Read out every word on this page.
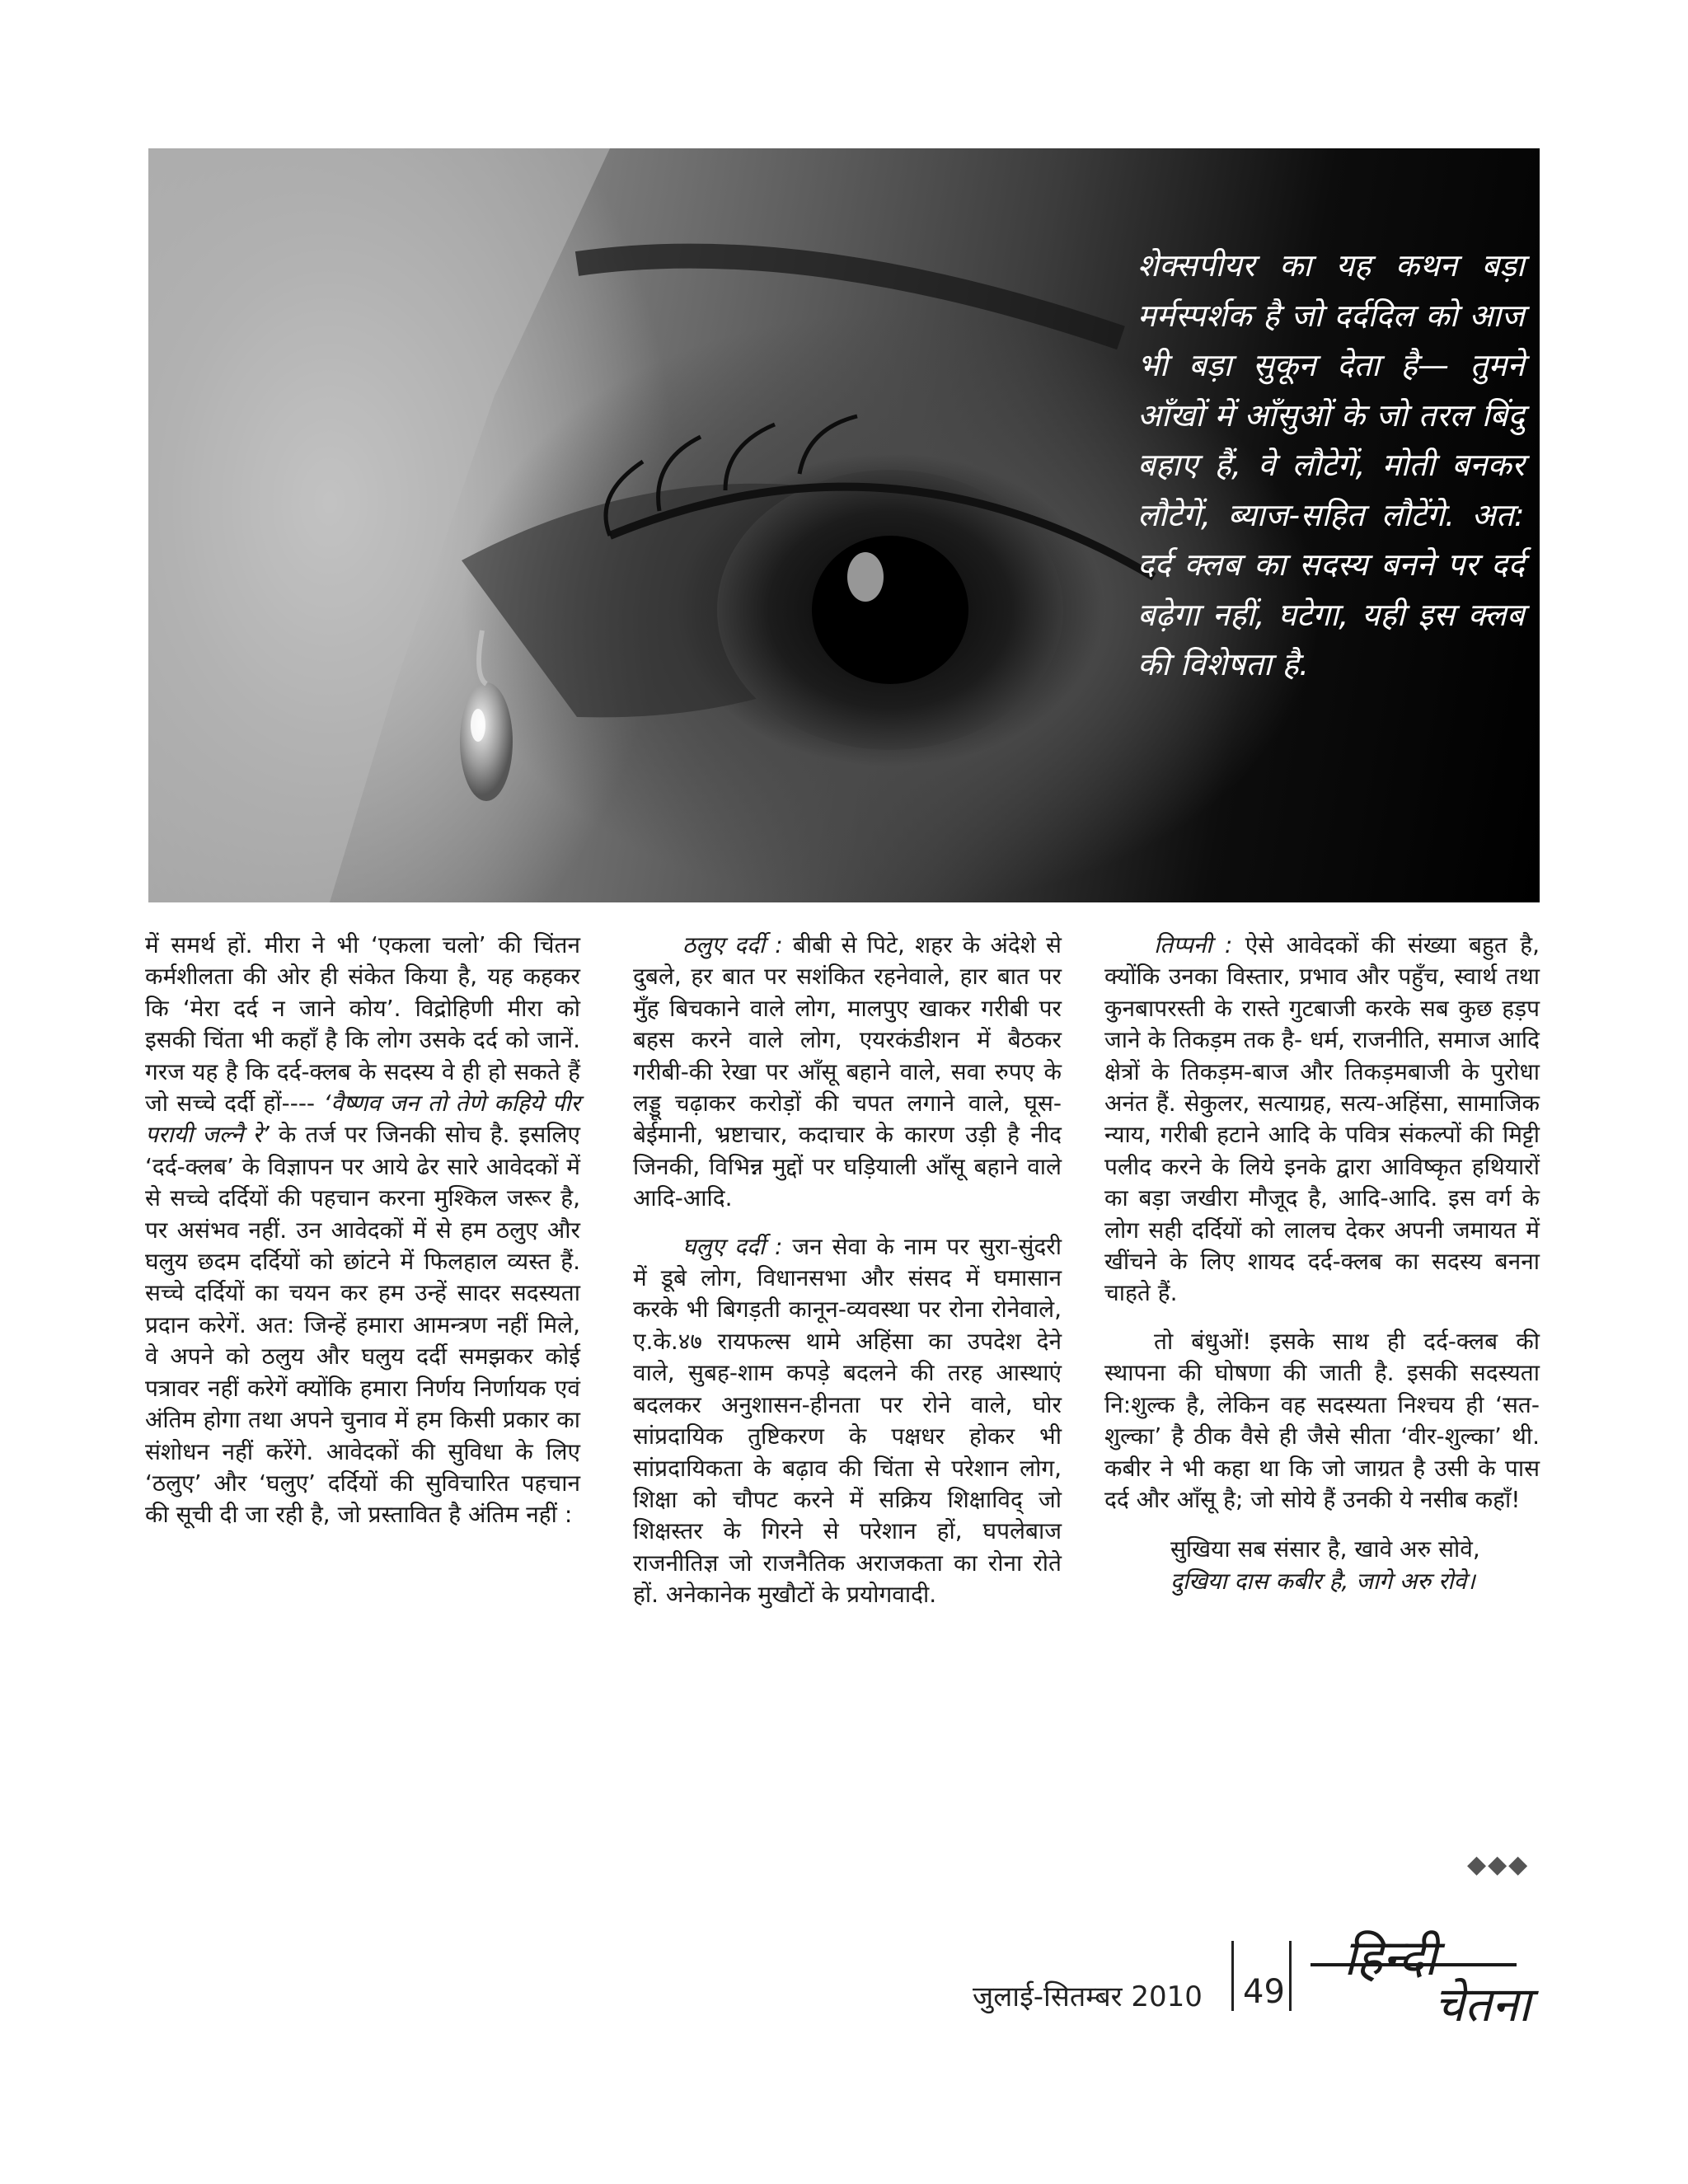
शेक्सपीयर का यह कथन बड़ा मर्मस्पर्शक है जो दर्ददिल को आज भी बड़ा सुकून देता है— तुमने आँखों में आँसुओं के जो तरल बिंदु बहाए हैं, वे लौटेगें, मोती बनकर लौटेगें, ब्याज-सहित लौटेंगे. अत: दर्द क्लब का सदस्य बनने पर दर्द बढ़ेगा नहीं, घटेगा, यही इस क्लब की विशेषता है.

में समर्थ हों. मीरा ने भी ‘एकला चलो’ की चिंतन कर्मशीलता की ओर ही संकेत किया है, यह कहकर कि ‘मेरा दर्द न जाने कोय’. विद्रोहिणी मीरा को इसकी चिंता भी कहाँ है कि लोग उसके दर्द को जानें. गरज यह है कि दर्द-क्लब के सदस्य वे ही हो सकते हैं जो सच्चे दर्दी हों---- ‘वैष्णव जन तो तेणे कहिये पीर परायी जल्नै रे’ के तर्ज पर जिनकी सोच है. इसलिए ‘दर्द-क्लब’ के विज्ञापन पर आये ढेर सारे आवेदकों में से सच्चे दर्दियों की पहचान करना मुश्किल जरूर है, पर असंभव नहीं. उन आवेदकों में से हम ठलुए और घलुय छदम दर्दियों को छांटने में फिलहाल व्यस्त हैं. सच्चे दर्दियों का चयन कर हम उन्हें सादर सदस्यता प्रदान करेगें. अत: जिन्हें हमारा आमन्त्रण नहीं मिले, वे अपने को ठलुय और घलुय दर्दी समझकर कोई पत्रावर नहीं करेगें क्योंकि हमारा निर्णय निर्णायक एवं अंतिम होगा तथा अपने चुनाव में हम किसी प्रकार का संशोधन नहीं करेंगे. आवेदकों की सुविधा के लिए ‘ठलुए’ और ‘घलुए’ दर्दियों की सुविचारित पहचान की सूची दी जा रही है, जो प्रस्तावित है अंतिम नहीं :

ठलुए दर्दी : बीबी से पिटे, शहर के अंदेशे से दुबले, हर बात पर सशंकित रहनेवाले, हार बात पर मुँह बिचकाने वाले लोग, मालपुए खाकर गरीबी पर बहस करने वाले लोग, एयरकंडीशन में बैठकर गरीबी-की रेखा पर आँसू बहाने वाले, सवा रुपए के लड्डू चढ़ाकर करोड़ों की चपत लगाने वाले, घूस-बेईमानी, भ्रष्टाचार, कदाचार के कारण उड़ी है नीद जिनकी, विभिन्न मुद्दों पर घड़ियाली आँसू बहाने वाले आदि-आदि.

घलुए दर्दी : जन सेवा के नाम पर सुरा-सुंदरी में डूबे लोग, विधानसभा और संसद में घमासान करके भी बिगड़ती कानून-व्यवस्था पर रोना रोनेवाले, ए.के.४७ रायफल्स थामे अहिंसा का उपदेश देने वाले, सुबह-शाम कपड़े बदलने की तरह आस्थाएं बदलकर अनुशासन-हीनता पर रोने वाले, घोर सांप्रदायिक तुष्टिकरण के पक्षधर होकर भी सांप्रदायिकता के बढ़ाव की चिंता से परेशान लोग, शिक्षा को चौपट करने में सक्रिय शिक्षाविद् जो शिक्षस्तर के गिरने से परेशान हों, घपलेबाज राजनीतिज्ञ जो राजनैतिक अराजकता का रोना रोते हों. अनेकानेक मुखौटों के प्रयोगवादी.

तिप्पनी : ऐसे आवेदकों की संख्या बहुत है, क्योंकि उनका विस्तार, प्रभाव और पहुँच, स्वार्थ तथा कुनबापरस्ती के रास्ते गुटबाजी करके सब कुछ हड़प जाने के तिकड़म तक है- धर्म, राजनीति, समाज आदि क्षेत्रों के तिकड़म-बाज और तिकड़मबाजी के पुरोधा अनंत हैं. सेकुलर, सत्याग्रह, सत्य-अहिंसा, सामाजिक न्याय, गरीबी हटाने आदि के पवित्र संकल्पों की मिट्टी पलीद करने के लिये इनके द्वारा आविष्कृत हथियारों का बड़ा जखीरा मौजूद है, आदि-आदि. इस वर्ग के लोग सही दर्दियों को लालच देकर अपनी जमायत में खींचने के लिए शायद दर्द-क्लब का सदस्य बनना चाहते हैं.

तो बंधुओं! इसके साथ ही दर्द-क्लब की स्थापना की घोषणा की जाती है. इसकी सदस्यता नि:शुल्क है, लेकिन वह सदस्यता निश्चय ही ‘सत-शुल्का’ है ठीक वैसे ही जैसे सीता ‘वीर-शुल्का’ थी. कबीर ने भी कहा था कि जो जाग्रत है उसी के पास दर्द और आँसू है; जो सोये हैं उनकी ये नसीब कहाँ!

सुखिया सब संसार है, खावे अरु सोवे,
दुखिया दास कबीर है, जागे अरु रोवे।

◆◆◆
जुलाई-सितम्बर 2010 49
हिन्दी
चेतना
